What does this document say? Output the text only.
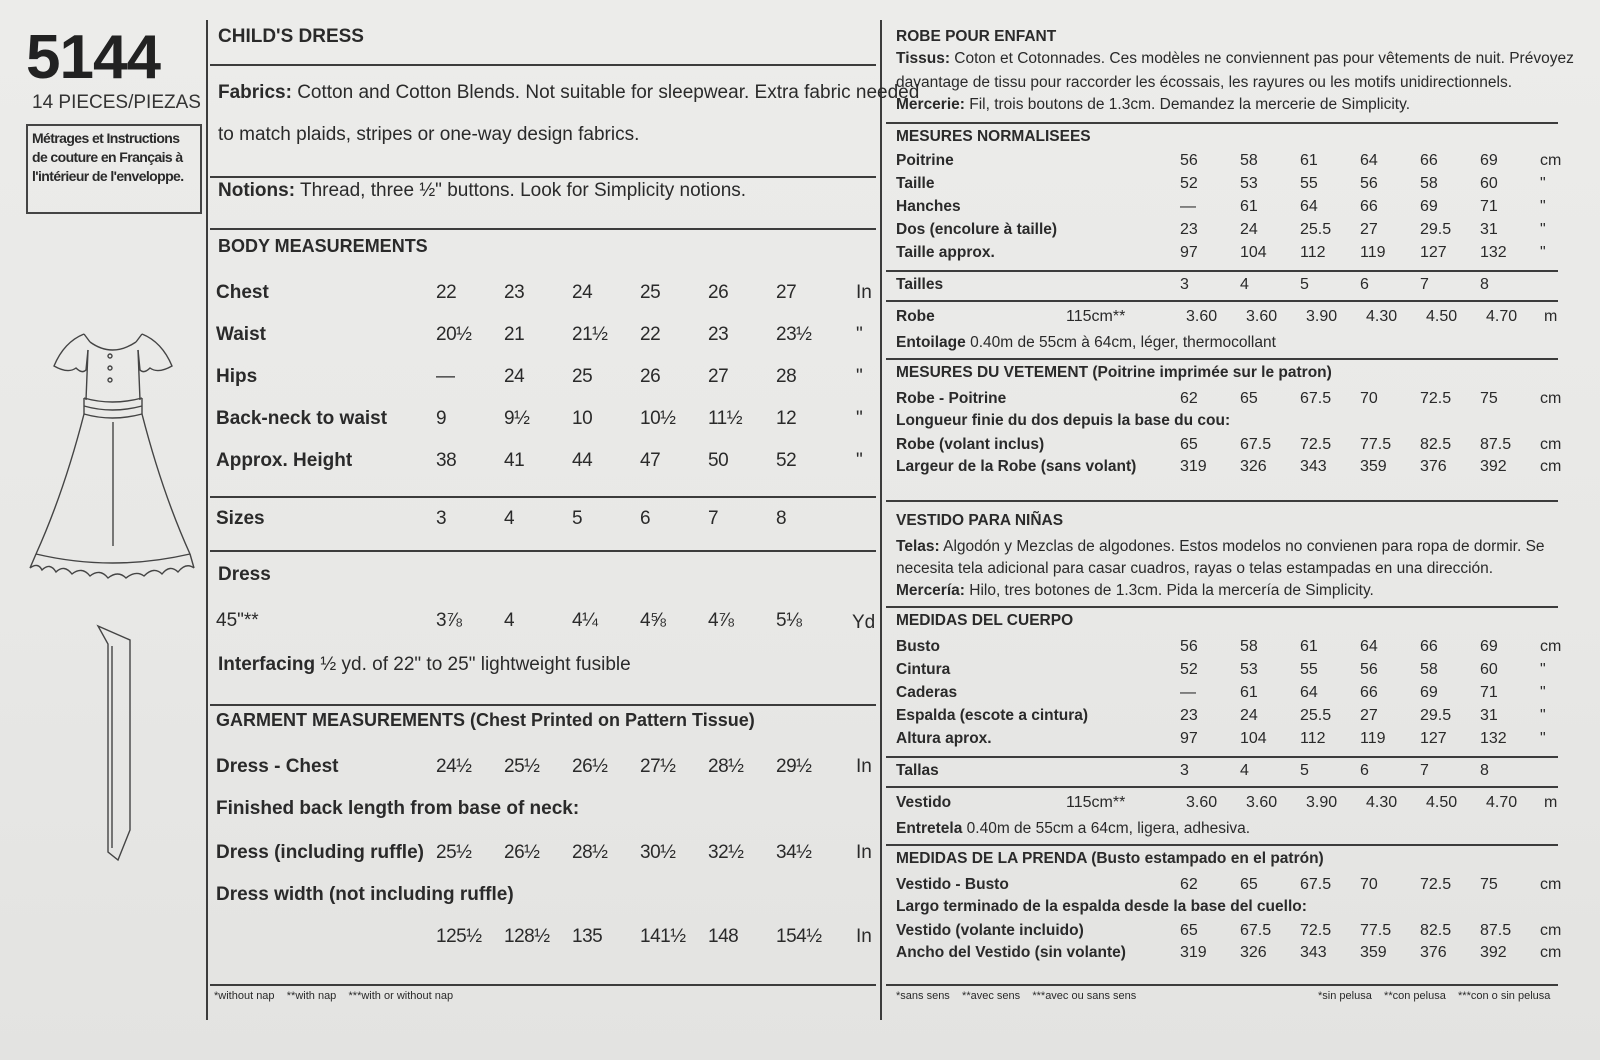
5144
14 PIECES/PIEZAS
Métrages et Instructions de couture en Français à l'intérieur de l'enveloppe.
CHILD'S DRESS
Fabrics: Cotton and Cotton Blends. Not suitable for sleepwear. Extra fabric needed
to match plaids, stripes or one-way design fabrics.
Notions: Thread, three ½" buttons. Look for Simplicity notions.
BODY MEASUREMENTS
Chest	22	23	24	25	26	27	In
Waist	20½ 21	21½ 22	23	23½ "
Hips	—	24	25	26	27	28	"
Back-neck to waist	9	9½ 10	10½ 11½ 12	"
Approx. Height	38	41	44	47	50	52	"
Sizes	3	4	5	6	7	8
Dress
45"**	3⅞ 4	4¼ 4⅝ 4⅞ 5⅛	Yd
Interfacing ½ yd. of 22" to 25" lightweight fusible
GARMENT MEASUREMENTS (Chest Printed on Pattern Tissue)
Dress - Chest	24½ 25½ 26½ 27½ 28½ 29½ In
Finished back length from base of neck:
Dress (including ruffle) 25½ 26½ 28½ 30½ 32½ 34½ In
Dress width (not including ruffle)
125½ 128½ 135 141½ 148 154½ In
*without nap    **with nap    ***with or without nap
ROBE POUR ENFANT
Tissus: Coton et Cotonnades. Ces modèles ne conviennent pas pour vêtements de nuit. Prévoyez
davantage de tissu pour raccorder les écossais, les rayures ou les motifs unidirectionnels.
Mercerie: Fil, trois boutons de 1.3cm. Demandez la mercerie de Simplicity.
MESURES NORMALISEES
Poitrine	56	58	61	64	66	69	cm
Taille	52	53	55	56	58	60	"
Hanches	—	61	64	66	69	71	"
Dos (encolure à taille)	23	24	25.5 27	29.5 31	"
Taille approx.	97	104 112 119 127 132 "
Tailles	3	4	5	6	7	8
Robe	115cm**	3.60 3.60 3.90 4.30 4.50 4.70 m
Entoilage 0.40m de 55cm à 64cm, léger, thermocollant
MESURES DU VETEMENT (Poitrine imprimée sur le patron)
Robe - Poitrine	62	65	67.5 70	72.5 75	cm
Longueur finie du dos depuis la base du cou:
Robe (volant inclus)	65	67.5 72.5 77.5 82.5 87.5 cm
Largeur de la Robe (sans volant)	319 326 343 359 376 392 cm
VESTIDO PARA NIÑAS
Telas: Algodón y Mezclas de algodones. Estos modelos no convienen para ropa de dormir. Se
necesita tela adicional para casar cuadros, rayas o telas estampadas en una dirección.
Mercería: Hilo, tres botones de 1.3cm. Pida la mercería de Simplicity.
MEDIDAS DEL CUERPO
Busto	56	58	61	64	66	69	cm
Cintura	52	53	55	56	58	60	"
Caderas	—	61	64	66	69	71	"
Espalda (escote a cintura)	23	24	25.5 27	29.5 31	"
Altura aprox.	97	104 112 119 127 132 "
Tallas	3	4	5	6	7	8
Vestido	115cm**	3.60 3.60 3.90 4.30 4.50 4.70 m
Entretela 0.40m de 55cm a 64cm, ligera, adhesiva.
MEDIDAS DE LA PRENDA (Busto estampado en el patrón)
Vestido - Busto	62	65	67.5 70	72.5 75	cm
Largo terminado de la espalda desde la base del cuello:
Vestido (volante incluido)	65	67.5 72.5 77.5 82.5 87.5 cm
Ancho del Vestido (sin volante)	319 326 343 359 376 392 cm
*sans sens    **avec sens    ***avec ou sans sens	*sin pelusa    **con pelusa    ***con o sin pelusa
